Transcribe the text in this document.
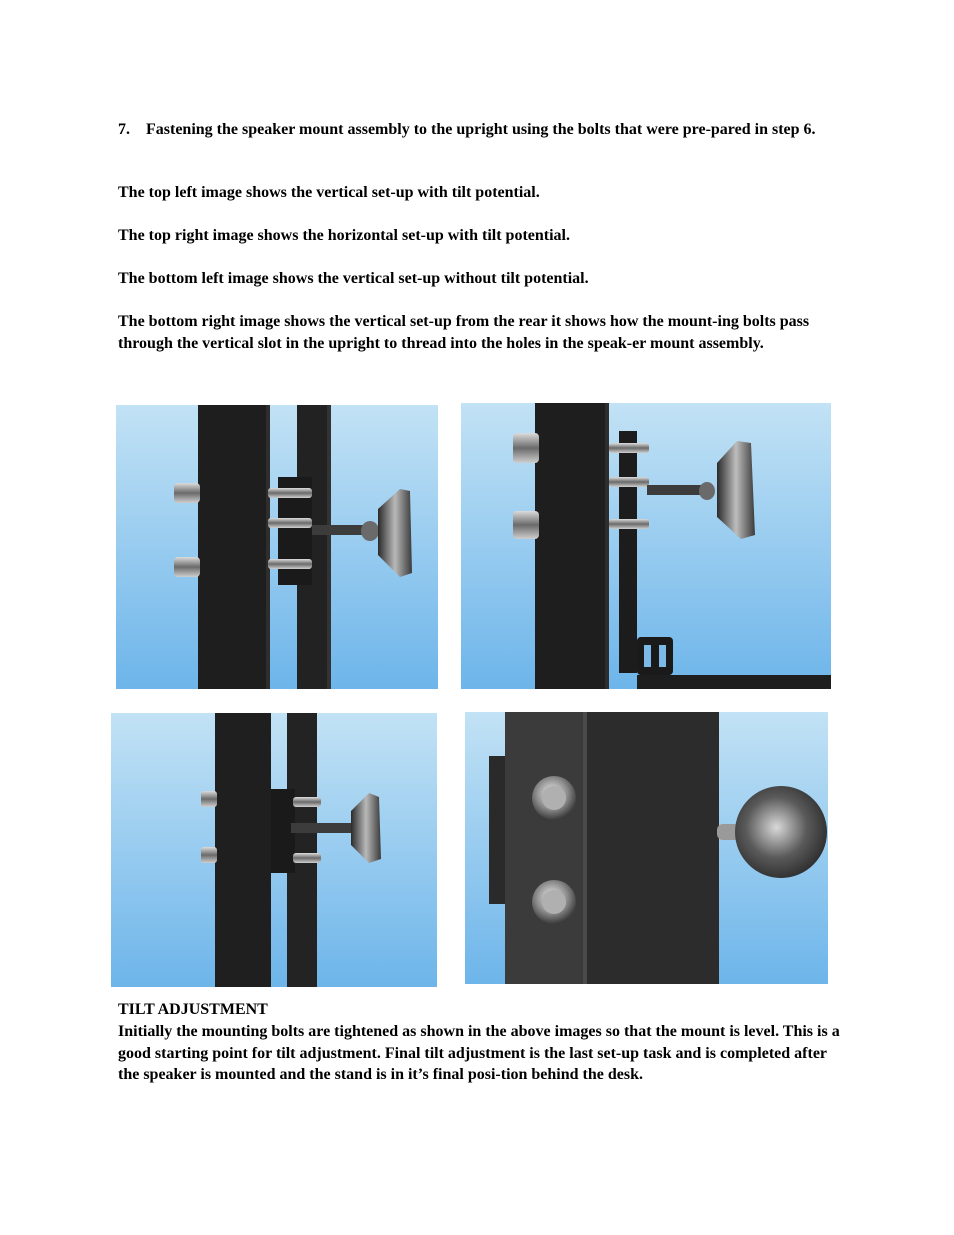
7.	Fastening the speaker mount assembly to the upright using the bolts that were pre-pared in step 6.
The top left image shows the vertical set-up with tilt potential.
The top right image shows the horizontal set-up with tilt potential.
The bottom left image shows the vertical set-up without tilt potential.
The bottom right image shows the vertical set-up from the rear it shows how the mount-ing bolts pass through the vertical slot in the upright to thread into the holes in the speak-er mount assembly.
TILT ADJUSTMENT
Initially the mounting bolts are tightened as shown in the above images so that the mount is level. This is a good starting point for tilt adjustment. Final tilt adjustment is the last set-up task and is completed after the speaker is mounted and the stand is in it’s final posi-tion behind the desk.
